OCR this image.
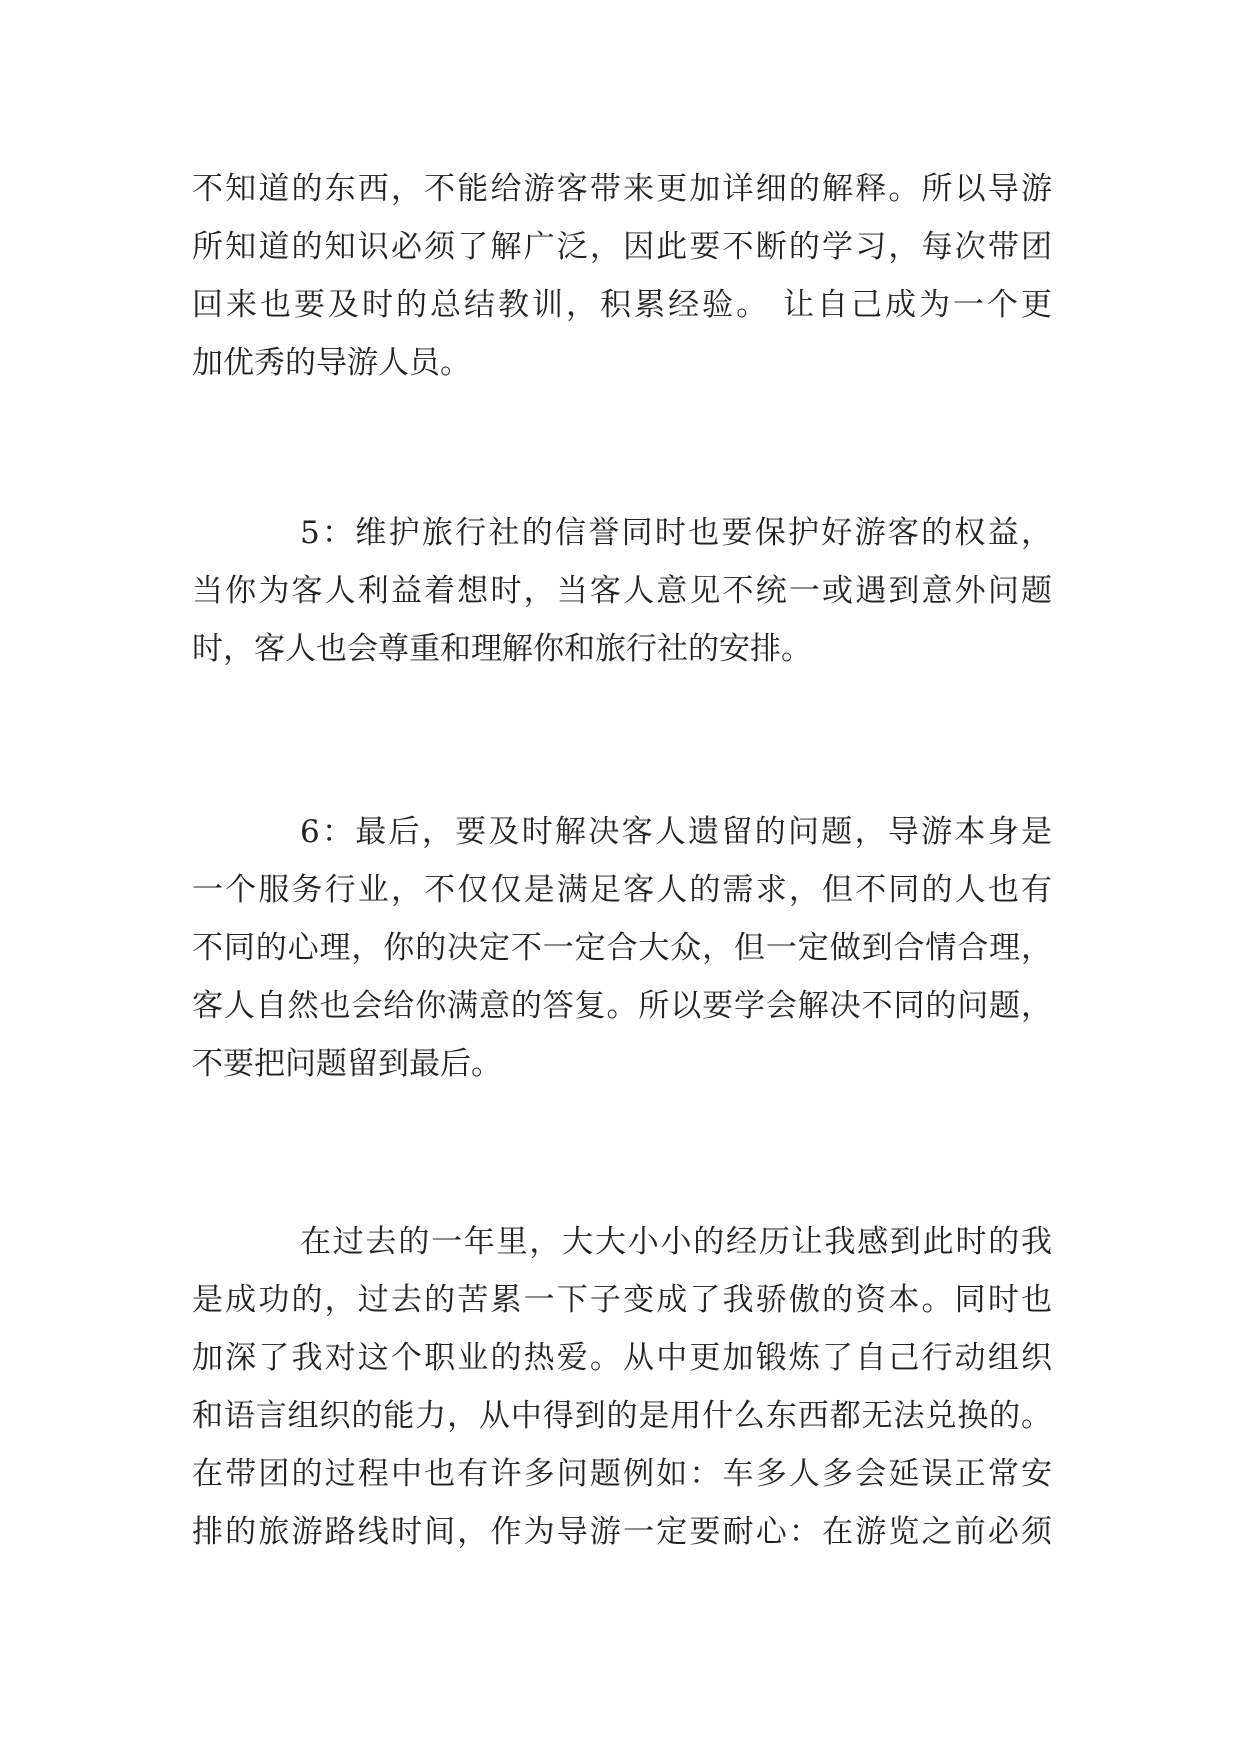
不知道的东西，不能给游客带来更加详细的解释。所以导游
所知道的知识必须了解广泛，因此要不断的学习，每次带团
回来也要及时的总结教训，积累经验。 让自己成为一个更
加优秀的导游人员。
5：维护旅行社的信誉同时也要保护好游客的权益，
当你为客人利益着想时，当客人意见不统一或遇到意外问题
时，客人也会尊重和理解你和旅行社的安排。
6：最后，要及时解决客人遗留的问题，导游本身是
一个服务行业，不仅仅是满足客人的需求，但不同的人也有
不同的心理，你的决定不一定合大众，但一定做到合情合理，
客人自然也会给你满意的答复。所以要学会解决不同的问题，
不要把问题留到最后。
在过去的一年里，大大小小的经历让我感到此时的我
是成功的，过去的苦累一下子变成了我骄傲的资本。同时也
加深了我对这个职业的热爱。从中更加锻炼了自己行动组织
和语言组织的能力，从中得到的是用什么东西都无法兑换的。
在带团的过程中也有许多问题例如：车多人多会延误正常安
排的旅游路线时间，作为导游一定要耐心：在游览之前必须
